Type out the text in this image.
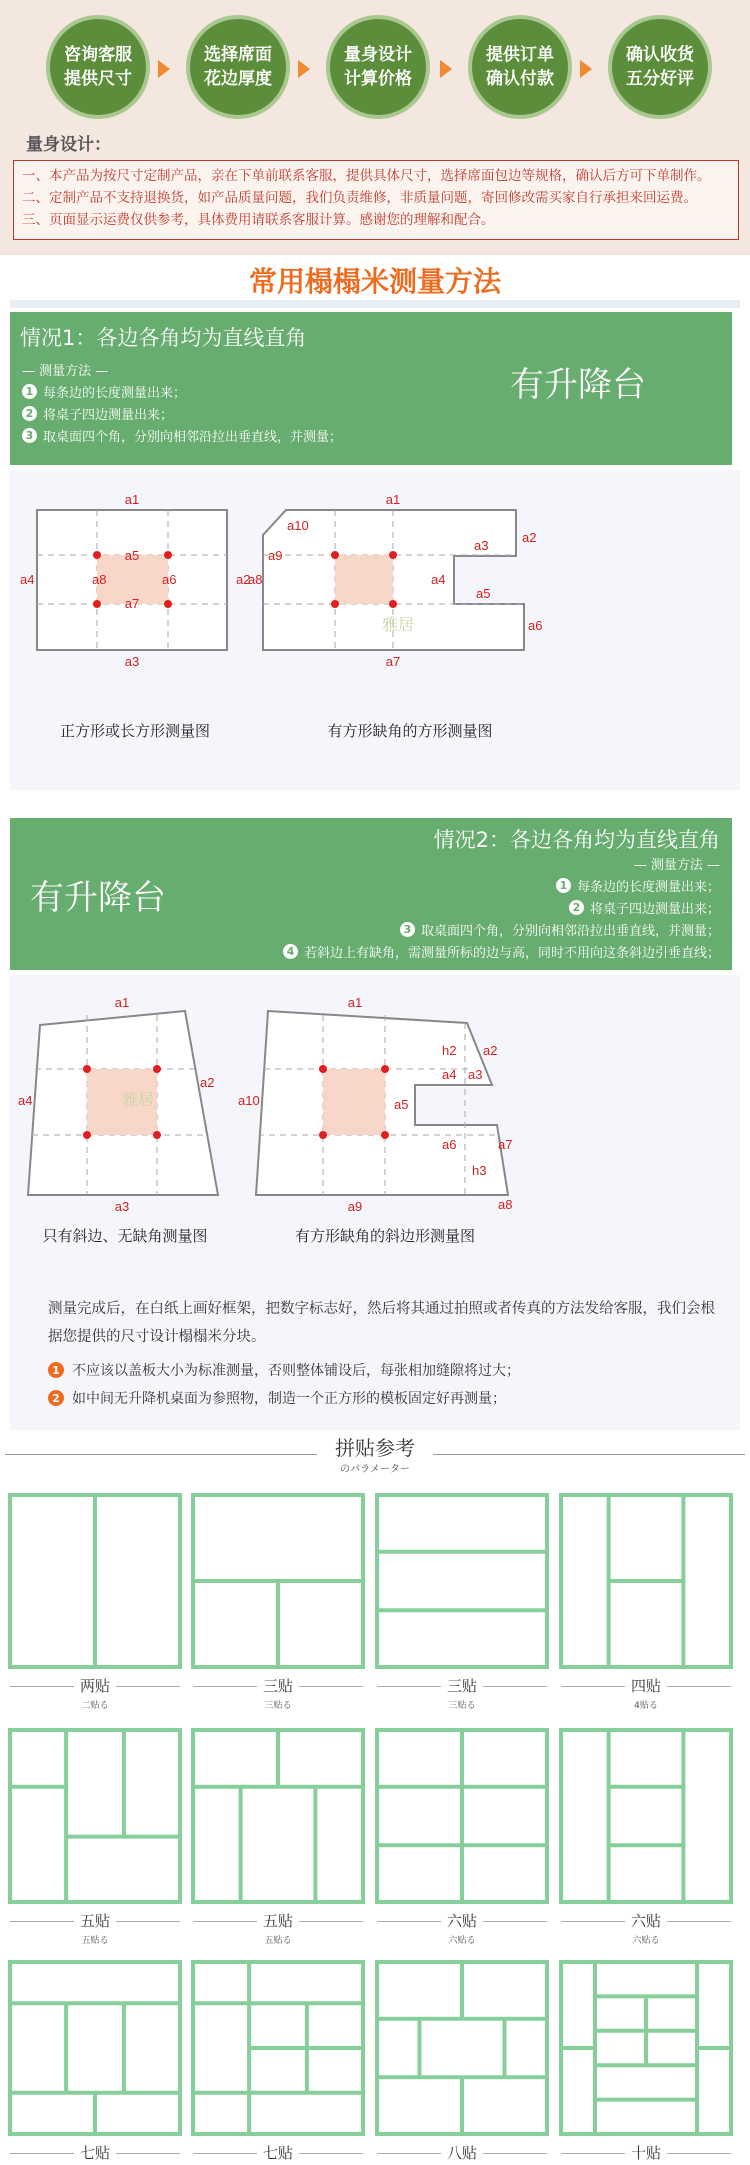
咨询客服
提供尺寸
选择席面
花边厚度
量身设计
计算价格
提供订单
确认付款
确认收货
五分好评
量身设计：

一、本产品为按尺寸定制产品，亲在下单前联系客服，提供具体尺寸，选择席面包边等规格，确认后方可下单制作。

二、定制产品不支持退换货，如产品质量问题，我们负责维修，非质量问题，寄回修改需买家自行承担来回运费。

三、页面显示运费仅供参考，具体费用请联系客服计算。感谢您的理解和配合。

常用榻榻米测量方法
情况1：各边各角均为直线直角
— 测量方法 —
1 每条边的长度测量出来；
2 将桌子四边测量出来；
3 取桌面四个角，分别向相邻沿拉出垂直线，并测量；
有升降台
a1
a2
a3
a4
a5
a6
a7
a8
a1
a2
a3
a4
a5
a6
a7
a8
a9
a10
雅居
正方形或长方形测量图	有方形缺角的方形测量图
有升降台
情况2：各边各角均为直线直角
— 测量方法 —
1 每条边的长度测量出来；
2 将桌子四边测量出来；
3 取桌面四个角，分别向相邻沿拉出垂直线，并测量；
4 若斜边上有缺角，需测量所标的边与高，同时不用向这条斜边引垂直线；
a1
a2
a3
a4	雅居
a1
a2
a3
a4
a5
a6	a7
a8
a9
a10
h2
h3
只有斜边、无缺角测量图	有方形缺角的斜边形测量图
测量完成后，在白纸上画好框架，把数字标志好，然后将其通过拍照或者传真的方法发给客服，我们会根据您提供的尺寸设计榻榻米分块。
1 不应该以盖板大小为标准测量，否则整体铺设后，每张相加缝隙将过大；
2 如中间无升降机桌面为参照物，制造一个正方形的模板固定好再测量；
拼贴参考
のパラメーター
两贴
二贴る
三贴
三贴る
三贴
三贴る
四贴
4贴る
五贴
五贴る
五贴
五贴る
六贴
六贴る
六贴
六贴る
七贴	七贴	八贴	十贴
